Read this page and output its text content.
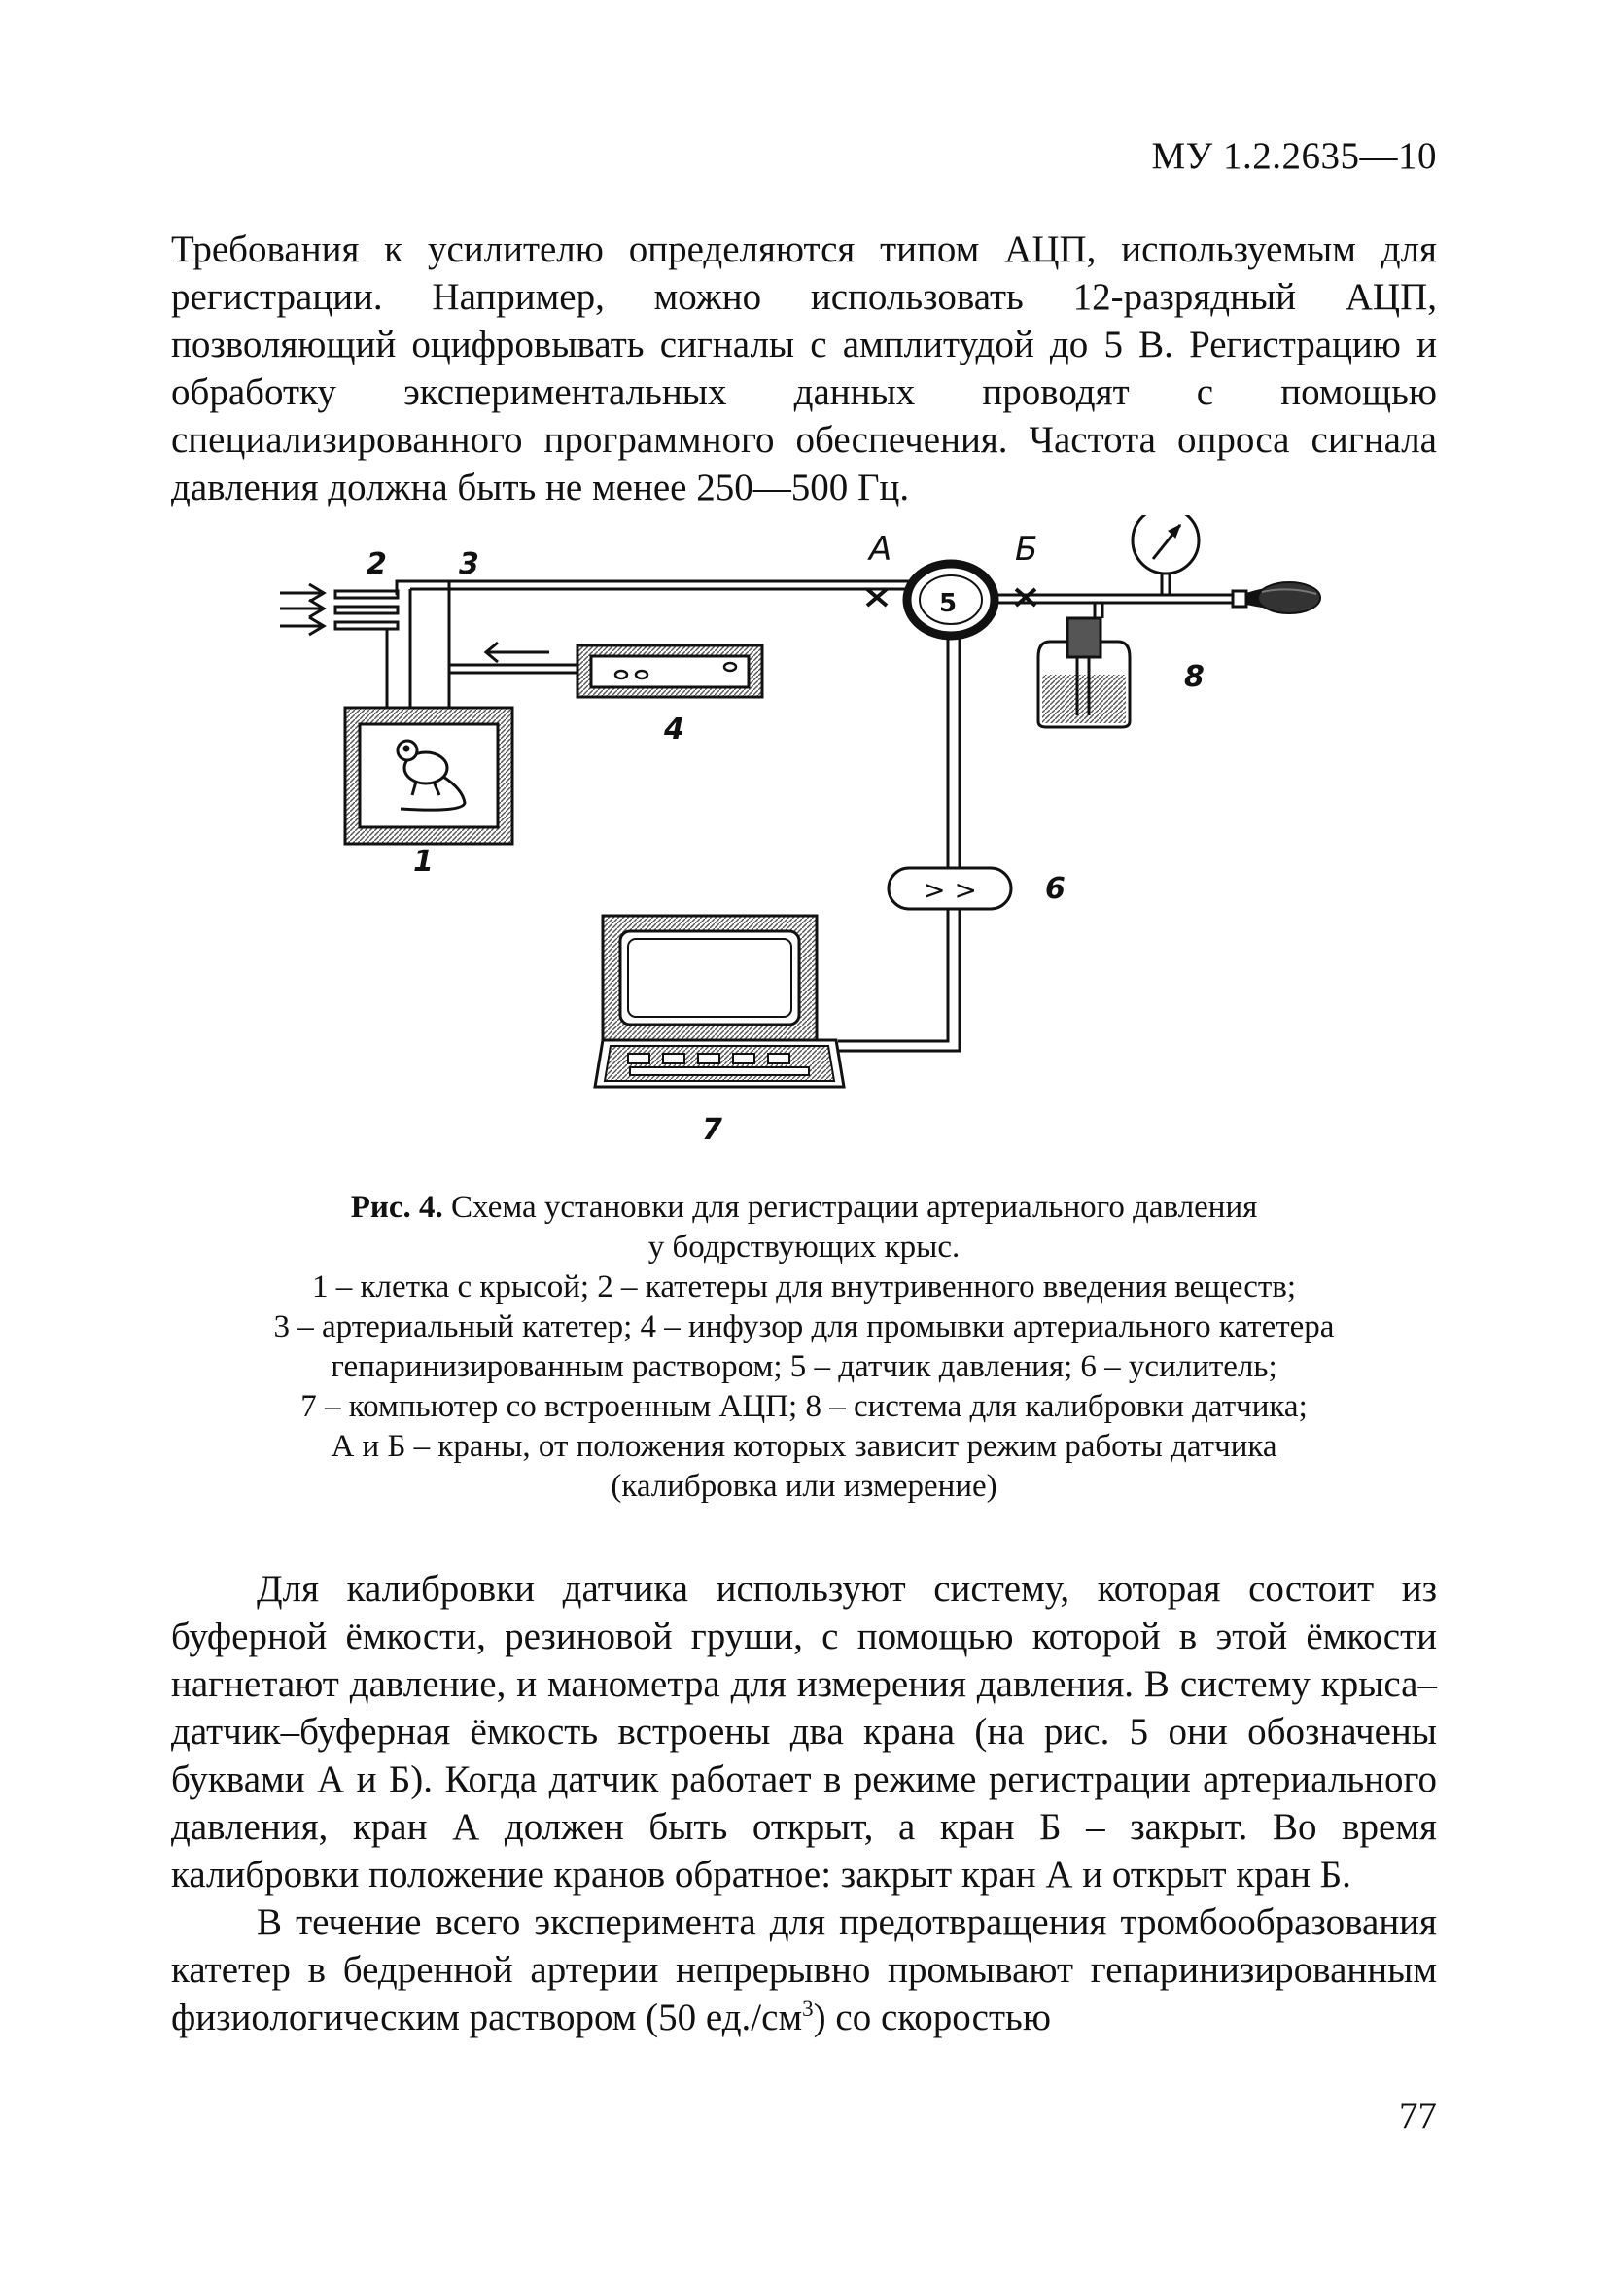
МУ 1.2.2635—10

Требования к усилителю определяются типом АЦП, используемым для регистрации. Например, можно использовать 12-разрядный АЦП, позволяющий оцифровывать сигналы с амплитудой до 5 В. Регистрацию и обработку экспериментальных данных проводят с помощью специализированного программного обеспечения. Частота опроса сигнала давления должна быть не менее 250—500 Гц.

5
> >
2 3	А	Б
4
8
1
6
7
Рис. 4. Схема установки для регистрации артериального давления
у бодрствующих крыс.
1 – клетка с крысой; 2 – катетеры для внутривенного введения веществ;
3 – артериальный катетер; 4 – инфузор для промывки артериального катетера
гепаринизированным раствором; 5 – датчик давления; 6 – усилитель;
7 – компьютер со встроенным АЦП; 8 – система для калибровки датчика;
А и Б – краны, от положения которых зависит режим работы датчика
(калибровка или измерение)

Для калибровки датчика используют систему, которая состоит из буферной ёмкости, резиновой груши, с помощью которой в этой ёмкости нагнетают давление, и манометра для измерения давления. В систему крыса–датчик–буферная ёмкость встроены два крана (на рис. 5 они обозначены буквами А и Б). Когда датчик работает в режиме регистрации артериального давления, кран А должен быть открыт, а кран Б – закрыт. Во время калибровки положение кранов обратное: закрыт кран А и открыт кран Б.

В течение всего эксперимента для предотвращения тромбообразования катетер в бедренной артерии непрерывно промывают гепаринизированным физиологическим раствором (50 $ед./см^3$) со скоростью

77
